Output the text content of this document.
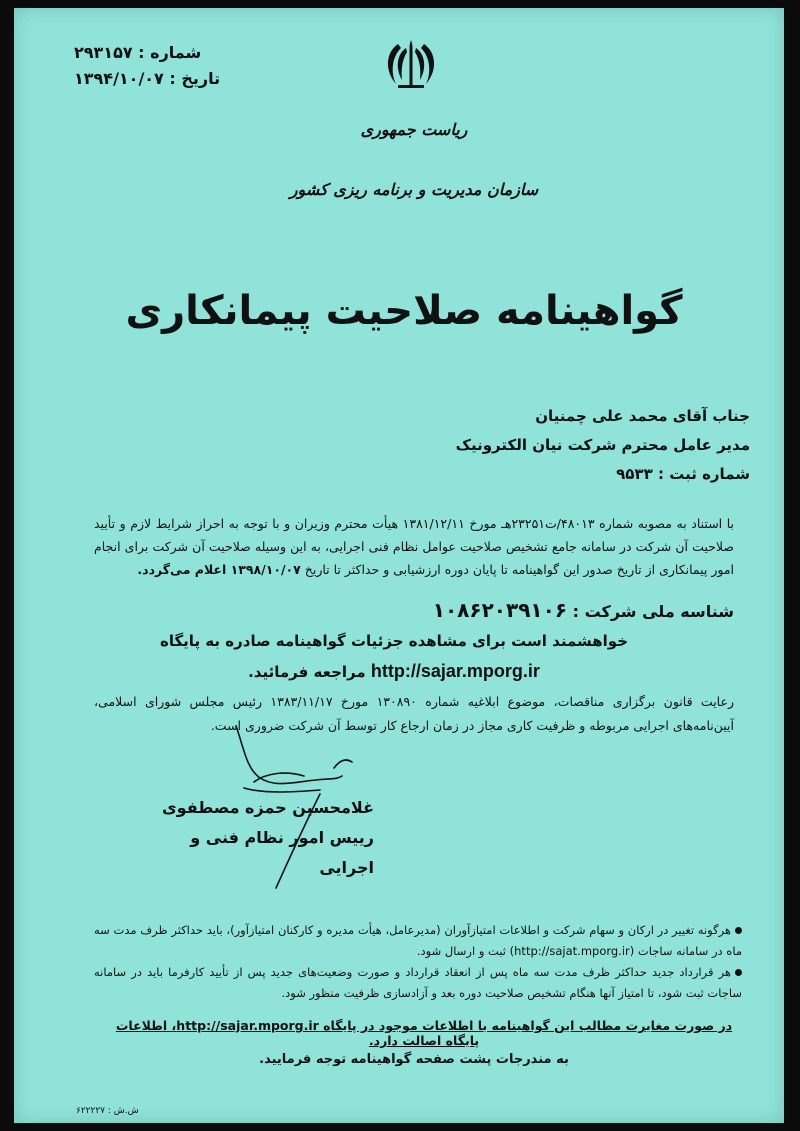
شماره : ۲۹۳۱۵۷
تاریخ : ۱۳۹۴/۱۰/۰۷
ریاست جمهوری
سازمان مدیریت و برنامه ریزی کشور
گواهینامه صلاحیت پیمانکاری
جناب آقای محمد علی چمنیان
مدیر عامل محترم شرکت نیان الکترونیک
شماره ثبت : ۹۵۳۳
با استناد به مصوبه شماره ۴۸۰۱۳/ت۲۳۲۵۱هـ مورخ ۱۳۸۱/۱۲/۱۱ هیأت محترم وزیران و با توجه به احراز شرایط لازم و تأیید صلاحیت آن شرکت در سامانه جامع تشخیص صلاحیت عوامل نظام فنی اجرایی، به این وسیله صلاحیت آن شرکت برای انجام امور پیمانکاری از تاریخ صدور این گواهینامه تا پایان دوره ارزشیابی و حداکثر تا تاریخ ۱۳۹۸/۱۰/۰۷ اعلام می‌گردد.
شناسه ملی شرکت : ۱۰۸۶۲۰۳۹۱۰۶
خواهشمند است برای مشاهده جزئیات گواهینامه صادره به پایگاه
http://sajar.mporg.ir مراجعه فرمائید.
رعایت قانون برگزاری مناقصات، موضوع ابلاغیه شماره ۱۳۰۸۹۰ مورخ ۱۳۸۳/۱۱/۱۷ رئیس مجلس شورای اسلامی، آیین‌نامه‌های اجرایی مربوطه و ظرفیت کاری مجاز در زمان ارجاع کار توسط آن شرکت ضروری است.
غلامحسین حمزه مصطفوی
رییس امور نظام فنی و اجرایی

هرگونه تغییر در ارکان و سهام شرکت و اطلاعات امتیازآوران (مدیرعامل، هیأت مدیره و کارکنان امتیازآور)، باید حداکثر ظرف مدت سه ماه در سامانه ساجات (http://sajat.mporg.ir) ثبت و ارسال شود.

هر قرارداد جدید حداکثر ظرف مدت سه ماه پس از انعقاد قرارداد و صورت وضعیت‌های جدید پس از تأیید کارفرما باید در سامانه ساجات ثبت شود، تا امتیاز آنها هنگام تشخیص صلاحیت دوره بعد و آزادسازی ظرفیت منظور شود.

در صورت مغایرت مطالب این گواهینامه با اطلاعات موجود در پایگاه http://sajar.mporg.ir، اطلاعات پایگاه اصالت دارد.
به مندرجات پشت صفحه گواهینامه توجه فرمایید.
ش.ش : ۶۲۲۲۲۷
